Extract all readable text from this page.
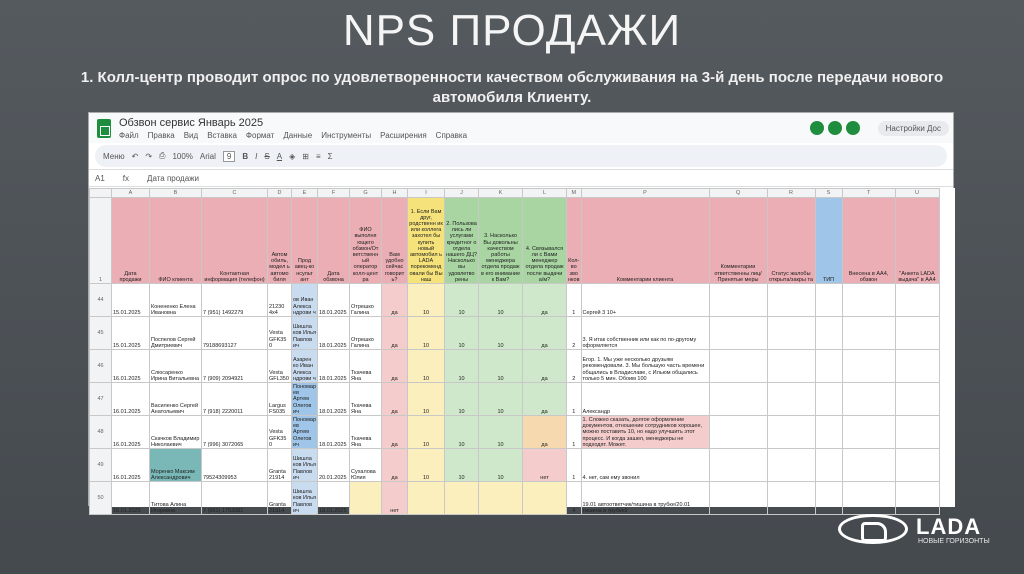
NPS ПРОДАЖИ
1. Колл-центр проводит опрос по удовлетворенности качеством обслуживания на 3-й день после передачи нового автомобиля Клиенту.
Обзвон сервис Январь 2025
Файл Правка Вид Вставка Формат Данные Инструменты Расширения Справка
Настройки Дос
Меню ↶ ↷ ⎙ 100% Arial	9	B I S A ◈ ⊞ ≡ Σ
A1 fx Дата продажи
	A	B	C	D	E	F	G	H	I	J	K	L	M	P	Q	R	S	T	U
1	Дата продажи	ФИО клиента	Контактная информация (телефон)	Автом обиль, модел ь автомо биля	Прод авец-ко нсульт ант	Дата обзвона	ФИО выполня ющего обзвон/От ветственн ый оператор колл-цент ра	Вам удобно сейчас говорит ь?	1. Если Вам друг, родственн ик или коллега захотел бы купить новый автомобил ь LADA порекоменд овали бы Вы наш	2. Пользова лись ли услугами кредитног о отдела нашего ДЦ? Насколько вы удовлетво рены	3. Насколько Вы довольны качеством работы менеджера отдела продаж в его внимание к Вам?	4. Связывался ли с Вами менеджер отдела продаж после выдачи а/м?	Кол-во зво нков	Комментарии клиента	Комментарии ответственны лиц/Принятые меры	Статус жалобы открыта/закры та	ТИП	Внесена в АА4, обзвон	"Анкета LADA выдача" в АА4
44	15.01.2025	Конененко Елена Ивановна	7 (951) 1492279	21230 4х4	ов Иван Алекса ндрови ч	18.01.2025	Отрешко Галина	да	10	10	10	да	1	Сергей 3 10+					
45	15.01.2025	Поспелов Сергей Дмитриевич	79188693127	Vesta GFK35 0	Шишла ков Илья Павлов ич	18.01.2025	Отрешко Галина	да	10	10	10	да	2	3. Я итак собственник или как по по-другому оформляется					
46	16.01.2025	Слюсаренко Ирина Витальевна	7 (909) 2094921	Vesta GFL350	Азарен ко Иван Алекса ндрови ч	18.01.2025	Ткачева Яна	да	10	10	10	да	2	Егор. 1. Мы уже несколько друзьям рекомендовали. 3. Мы большую часть времени общались в Владиславе, с Ильюм общались только 5 мин. Обоим 100					
47	16.01.2025	Василенко Сергей Анатольевич	7 (918) 2220011	Largus FS035	Пономар ев Артем Олегов ич	18.01.2025	Ткачева Яна	да	10	10	10	да	1	Александр					
48	16.01.2025	Скачков Владимир Николаевич	7 (996) 3072065	Vesta GFK35 0	Пономар ев Артем Олегов ич	18.01.2025	Ткачева Яна	да	10	10	10	да	1	1. Сложно сказать, долгое оформление документов, отношение сотрудников хорошее, можно поставить 10, но надо улучшить этот процесс. И когда зашел, менеджеры не подходят. Может.					
49	16.01.2025	Моренко Максим Александрович	79524309953	Granta 21914	Шишла ков Илья Павлов ич	20.01.2025	Сухалова Юлия	да	10	10	10	нет	1	4. нет, сам ему звонил					
50	16.01.2025	Титова Алина Игоревна	7 (961) 1753081	Granta 21914	Шишла ков Илья Павлов ич	18.01.2025		нет					4	19.01 автоответчик/тишина в трубке/20.01 тишина в трубке2					
LADA
НОВЫЕ ГОРИЗОНТЫ
